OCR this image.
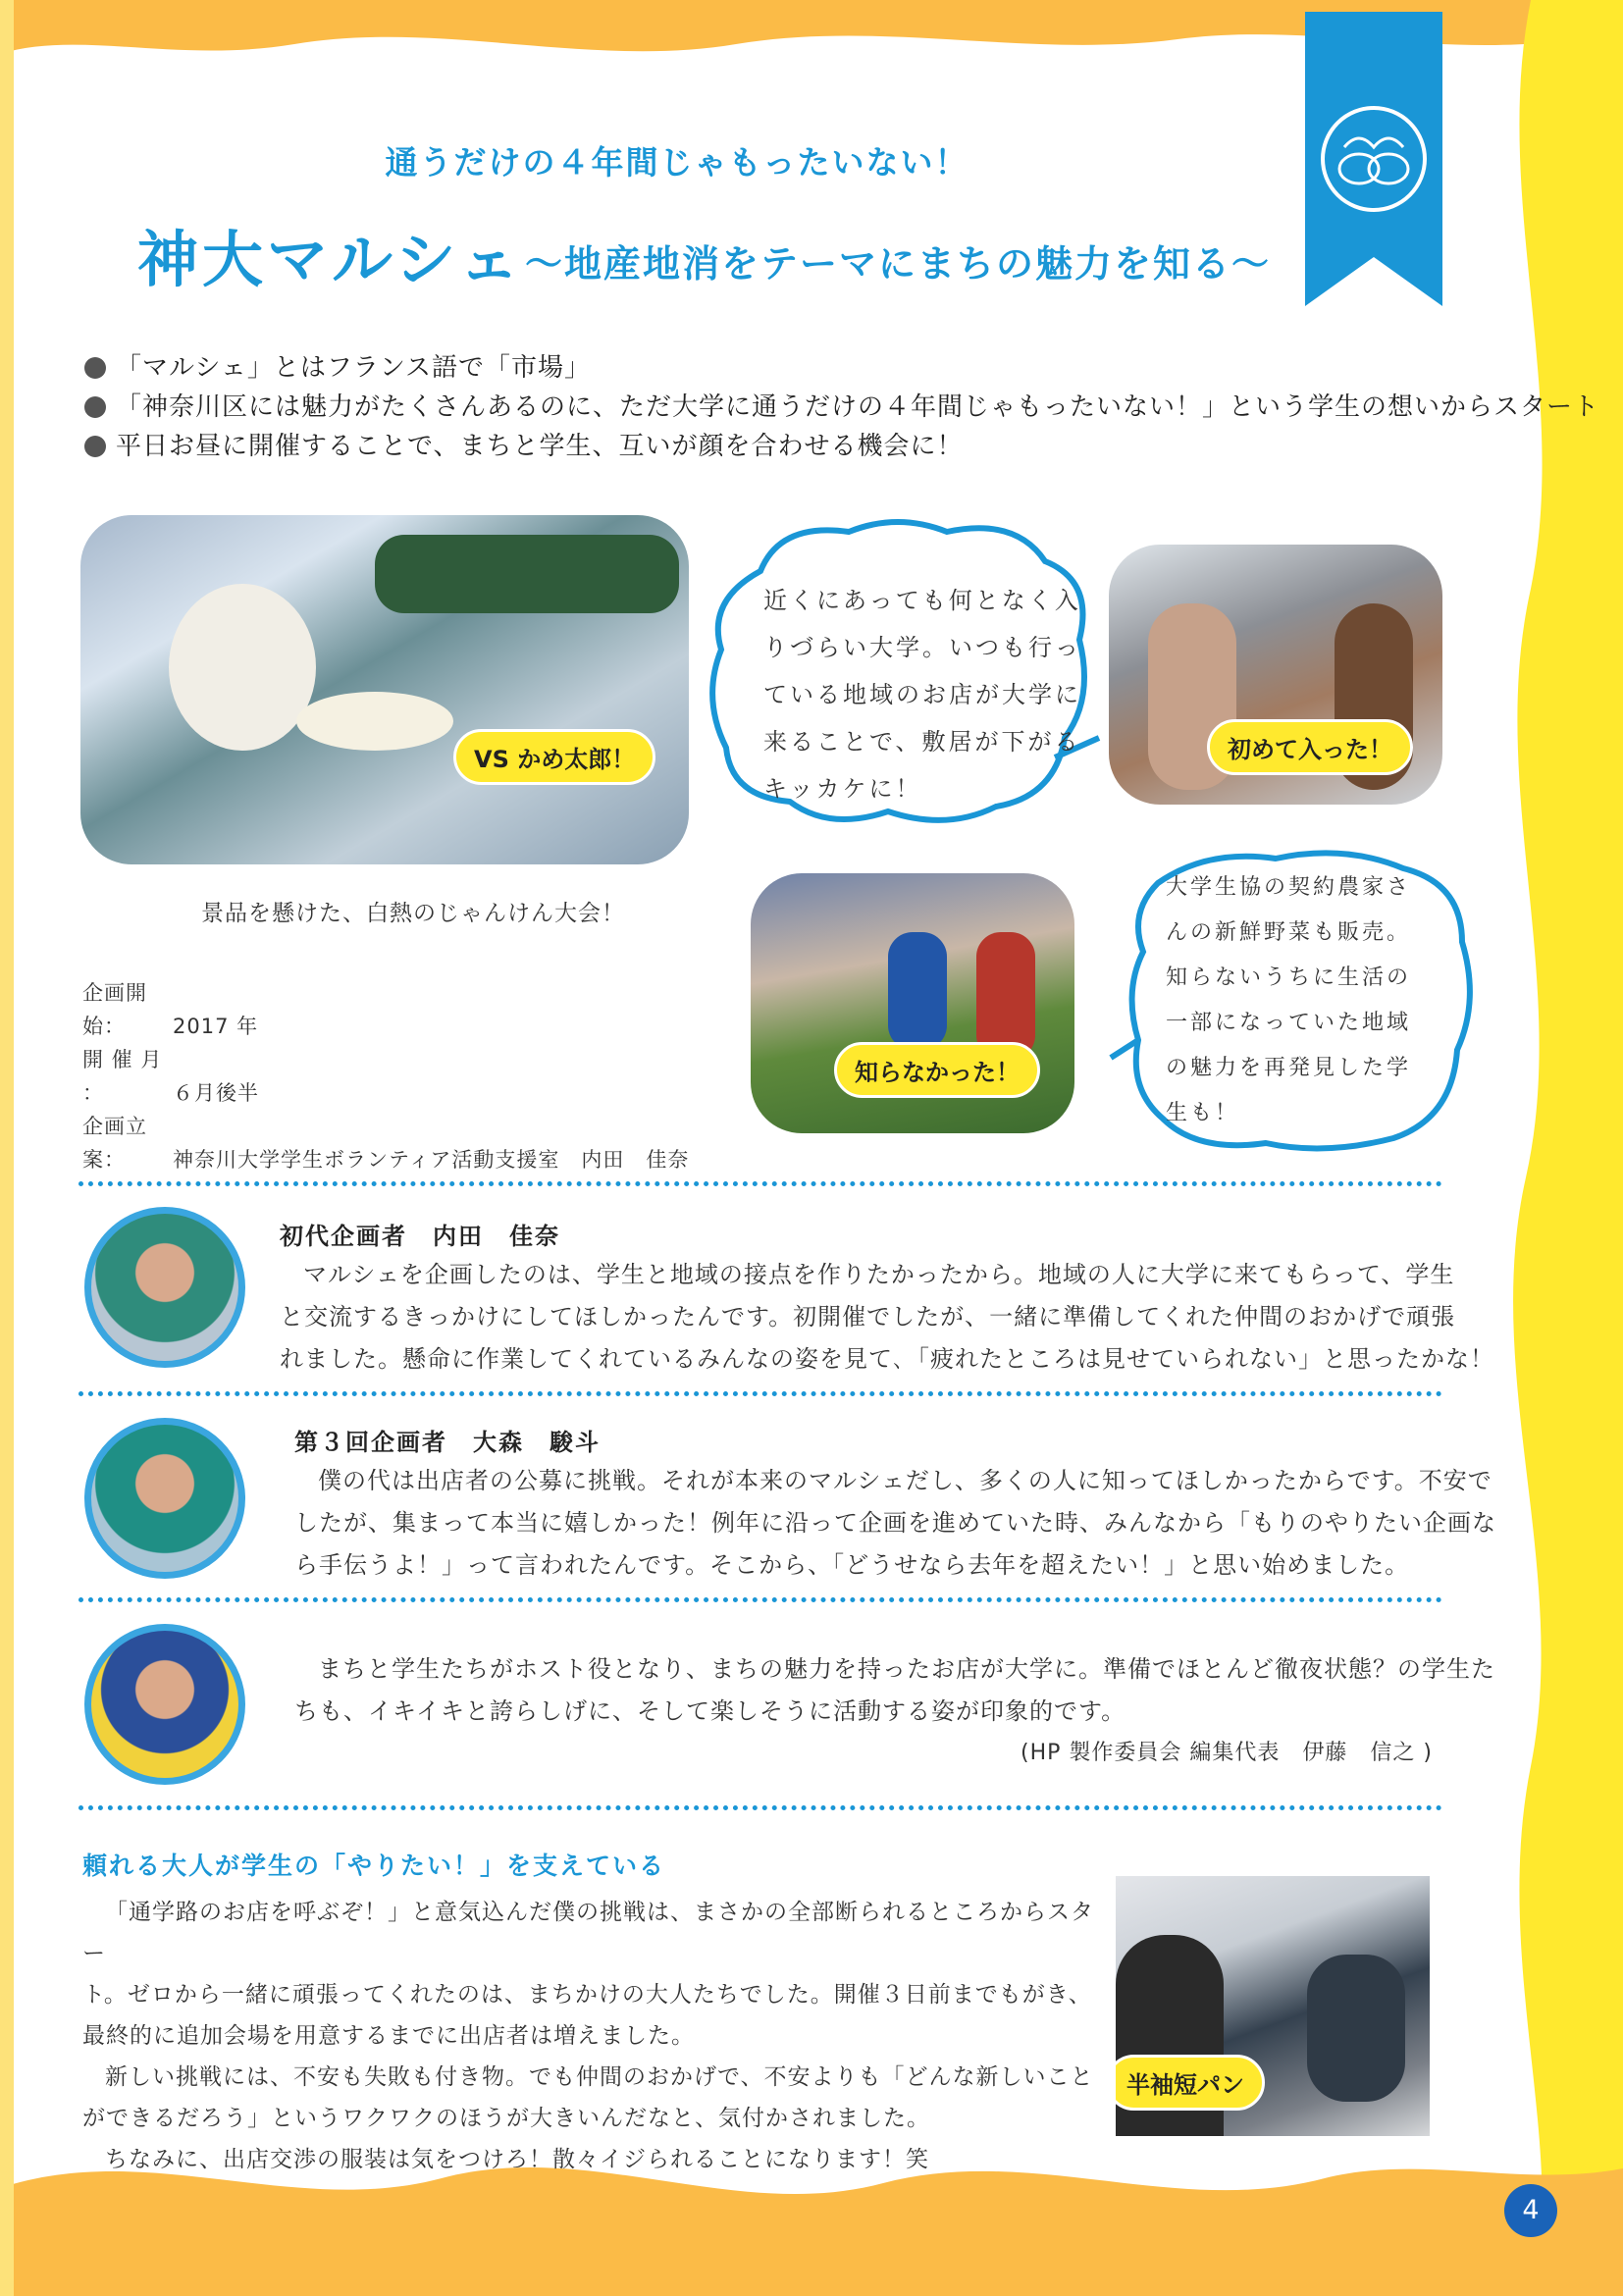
通うだけの４年間じゃもったいない！
神大マルシェ ～地産地消をテーマにまちの魅力を知る～
「マルシェ」とはフランス語で「市場」
「神奈川区には魅力がたくさんあるのに、ただ大学に通うだけの４年間じゃもったいない！」という学生の想いからスタート
平日お昼に開催することで、まちと学生、互いが顔を合わせる機会に！
VS かめ太郎！
景品を懸けた、白熱のじゃんけん大会！
近くにあっても何となく入
りづらい大学。いつも行っ
ている地域のお店が大学に
来ることで、敷居が下がる
キッカケに！
初めて入った！
知らなかった！
大学生協の契約農家さ
んの新鮮野菜も販売。
知らないうちに生活の
一部になっていた地域
の魅力を再発見した学
生も！
企画開始： 2017 年
開 催 月 ：	６月後半
企画立案： 神奈川大学学生ボランティア活動支援室　内田　佳奈
初代企画者　内田　佳奈
マルシェを企画したのは、学生と地域の接点を作りたかったから。地域の人に大学に来てもらって、学生
と交流するきっかけにしてほしかったんです。初開催でしたが、一緒に準備してくれた仲間のおかげで頑張
れました。懸命に作業してくれているみんなの姿を見て､「疲れたところは見せていられない」と思ったかな！
第３回企画者　大森　駿斗
僕の代は出店者の公募に挑戦。それが本来のマルシェだし、多くの人に知ってほしかったからです。不安で
したが、集まって本当に嬉しかった！例年に沿って企画を進めていた時、みんなから「もりのやりたい企画な
ら手伝うよ！」って言われたんです。そこから、「どうせなら去年を超えたい！」と思い始めました。
まちと学生たちがホスト役となり、まちの魅力を持ったお店が大学に。準備でほとんど徹夜状態？の学生た
ちも、イキイキと誇らしげに、そして楽しそうに活動する姿が印象的です。
(HP 製作委員会 編集代表　伊藤　信之 )
頼れる大人が学生の「やりたい！」を支えている

「通学路のお店を呼ぶぞ！」と意気込んだ僕の挑戦は、まさかの全部断られるところからスター

ト。ゼロから一緒に頑張ってくれたのは、まちかけの大人たちでした。開催３日前までもがき、

最終的に追加会場を用意するまでに出店者は増えました。

新しい挑戦には、不安も失敗も付き物。でも仲間のおかげで、不安よりも「どんな新しいこと

ができるだろう」というワクワクのほうが大きいんだなと、気付かされました。

ちなみに、出店交渉の服装は気をつけろ！散々イジられることになります！笑

半袖短パン
4
